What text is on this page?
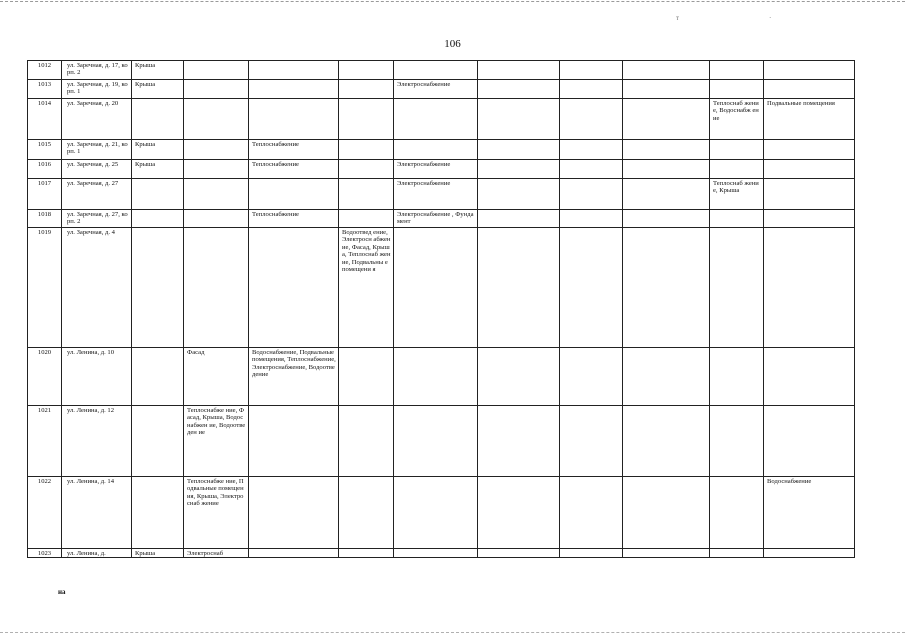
т	·
106
1012	ул. Заречная, д. 17, корп. 2	Крыша									
1013	ул. Заречная, д. 19, корп. 1	Крыша				Электроснабжение					
1014	ул. Заречная, д. 20									Теплоснаб жение, Водоснабж ение	Подвальные помещения
1015	ул. Заречная, д. 21, корп. 1	Крыша		Теплоснабжение							
1016	ул. Заречная, д. 25	Крыша		Теплоснабжение		Электроснабжение					
1017	ул. Заречная, д. 27					Электроснабжение				Теплоснаб жение, Крыша	
1018	ул. Заречная, д. 27, корп. 2			Теплоснабжение		Электроснабжение , Фундамент					
1019	ул. Заречная, д. 4				Водоотвед ение, Электросн абжение, Фасад, Крыша, Теплоснаб жение, Подвальны е помещени я						
1020	ул. Ленина, д. 10		Фасад	Водоснабжение, Подвальные помещения, Теплоснабжение, Электроснабжение, Водоотведение							
1021	ул. Ленина, д. 12		Теплоснабже ние, Фасад, Крыша, Водоснабжен ие, Водоотведен ие								
1022	ул. Ленина, д. 14		Теплоснабже ние, Подвальные помещения, Крыша, Электроснаб жение								Водоснабжение
1023	ул. Ленина, д.	Крыша	Электроснаб								
на
